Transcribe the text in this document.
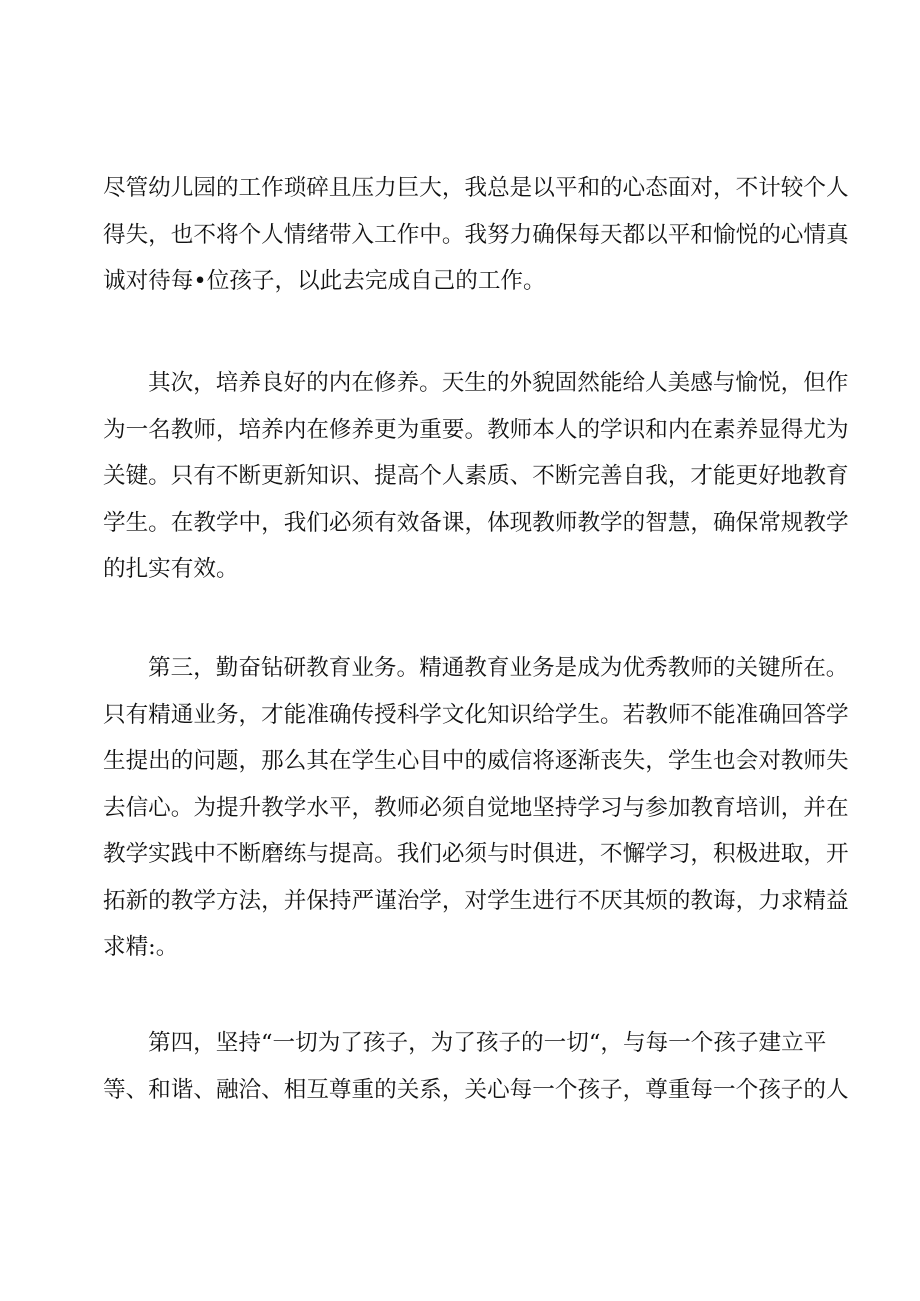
尽管幼儿园的工作琐碎且压力巨大，我总是以平和的心态面对，不计较个人
得失，也不将个人情绪带入工作中。我努力确保每天都以平和愉悦的心情真
诚对待每•位孩子，以此去完成自己的工作。

其次，培养良好的内在修养。天生的外貌固然能给人美感与愉悦，但作
为一名教师，培养内在修养更为重要。教师本人的学识和内在素养显得尤为
关键。只有不断更新知识、提高个人素质、不断完善自我，才能更好地教育
学生。在教学中，我们必须有效备课，体现教师教学的智慧，确保常规教学
的扎实有效。

第三，勤奋钻研教育业务。精通教育业务是成为优秀教师的关键所在。
只有精通业务，才能准确传授科学文化知识给学生。若教师不能准确回答学
生提出的问题，那么其在学生心目中的威信将逐渐丧失，学生也会对教师失
去信心。为提升教学水平，教师必须自觉地坚持学习与参加教育培训，并在
教学实践中不断磨练与提高。我们必须与时俱进，不懈学习，积极进取，开
拓新的教学方法，并保持严谨治学，对学生进行不厌其烦的教诲，力求精益
求精:。

第四，坚持“一切为了孩子，为了孩子的一切“，与每一个孩子建立平
等、和谐、融洽、相互尊重的关系，关心每一个孩子，尊重每一个孩子的人
